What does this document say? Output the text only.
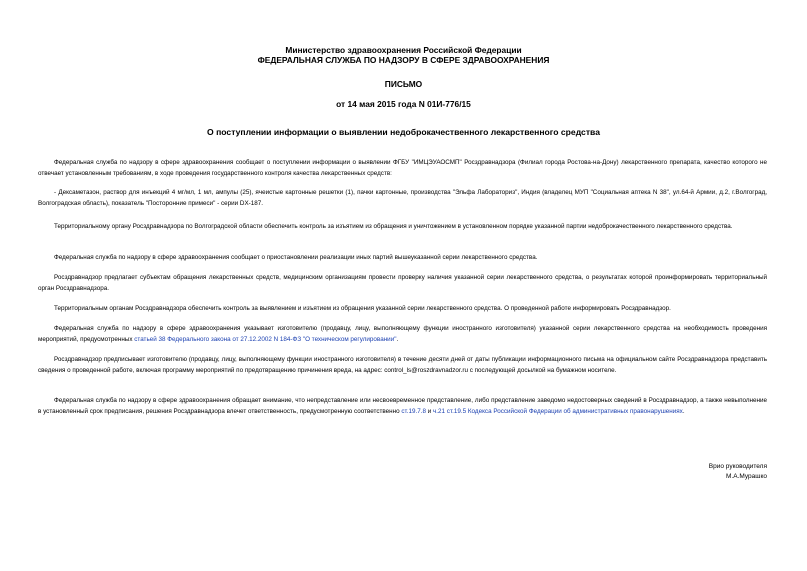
Министерство здравоохранения Российской Федерации
ФЕДЕРАЛЬНАЯ СЛУЖБА ПО НАДЗОРУ В СФЕРЕ ЗДРАВООХРАНЕНИЯ
ПИСЬМО
от 14 мая 2015 года N 01И-776/15
О поступлении информации о выявлении недоброкачественного лекарственного средства

Федеральная служба по надзору в сфере здравоохранения сообщает о поступлении информации о выявлении ФГБУ "ИМЦЭУАОСМП" Росздравнадзора (Филиал города Ростова-на-Дону) лекарственного препарата, качество которого не отвечает установленным требованиям, в ходе проведения государственного контроля качества лекарственных средств:

- Дексаметазон, раствор для инъекций 4 мг/мл, 1 мл, ампулы (25), ячеистые картонные решетки (1), пачки картонные, производства "Эльфа Лабораториз", Индия (владелец МУП "Социальная аптека N 38", ул.64-й Армии, д.2, г.Волгоград, Волгоградская область), показатель "Посторонние примеси" - серии DX-187.

Территориальному органу Росздравнадзора по Волгоградской области обеспечить контроль за изъятием из обращения и уничтожением в установленном порядке указанной партии недоброкачественного лекарственного средства.

Федеральная служба по надзору в сфере здравоохранения сообщает о приостановлении реализации иных партий вышеуказанной серии лекарственного средства.

Росздравнадзор предлагает субъектам обращения лекарственных средств, медицинским организациям провести проверку наличия указанной серии лекарственного средства, о результатах которой проинформировать территориальный орган Росздравнадзора.

Территориальным органам Росздравнадзора обеспечить контроль за выявлением и изъятием из обращения указанной серии лекарственного средства. О проведенной работе информировать Росздравнадзор.

Федеральная служба по надзору в сфере здравоохранения указывает изготовителю (продавцу, лицу, выполняющему функции иностранного изготовителя) указанной серии лекарственного средства на необходимость проведения мероприятий, предусмотренных статьей 38 Федерального закона от 27.12.2002 N 184-ФЗ "О техническом регулировании".

Росздравнадзор предписывает изготовителю (продавцу, лицу, выполняющему функции иностранного изготовителя) в течение десяти дней от даты публикации информационного письма на официальном сайте Росздравнадзора представить сведения о проведенной работе, включая программу мероприятий по предотвращению причинения вреда, на адрес: control_ls@roszdravnadzor.ru с последующей досылкой на бумажном носителе.

Федеральная служба по надзору в сфере здравоохранения обращает внимание, что непредставление или несвоевременное представление, либо представление заведомо недостоверных сведений в Росздравнадзор, а также невыполнение в установленный срок предписания, решения Росздравнадзора влечет ответственность, предусмотренную соответственно ст.19.7.8 и ч.21 ст.19.5 Кодекса Российской Федерации об административных правонарушениях.

Врио руководителя
М.А.Мурашко
